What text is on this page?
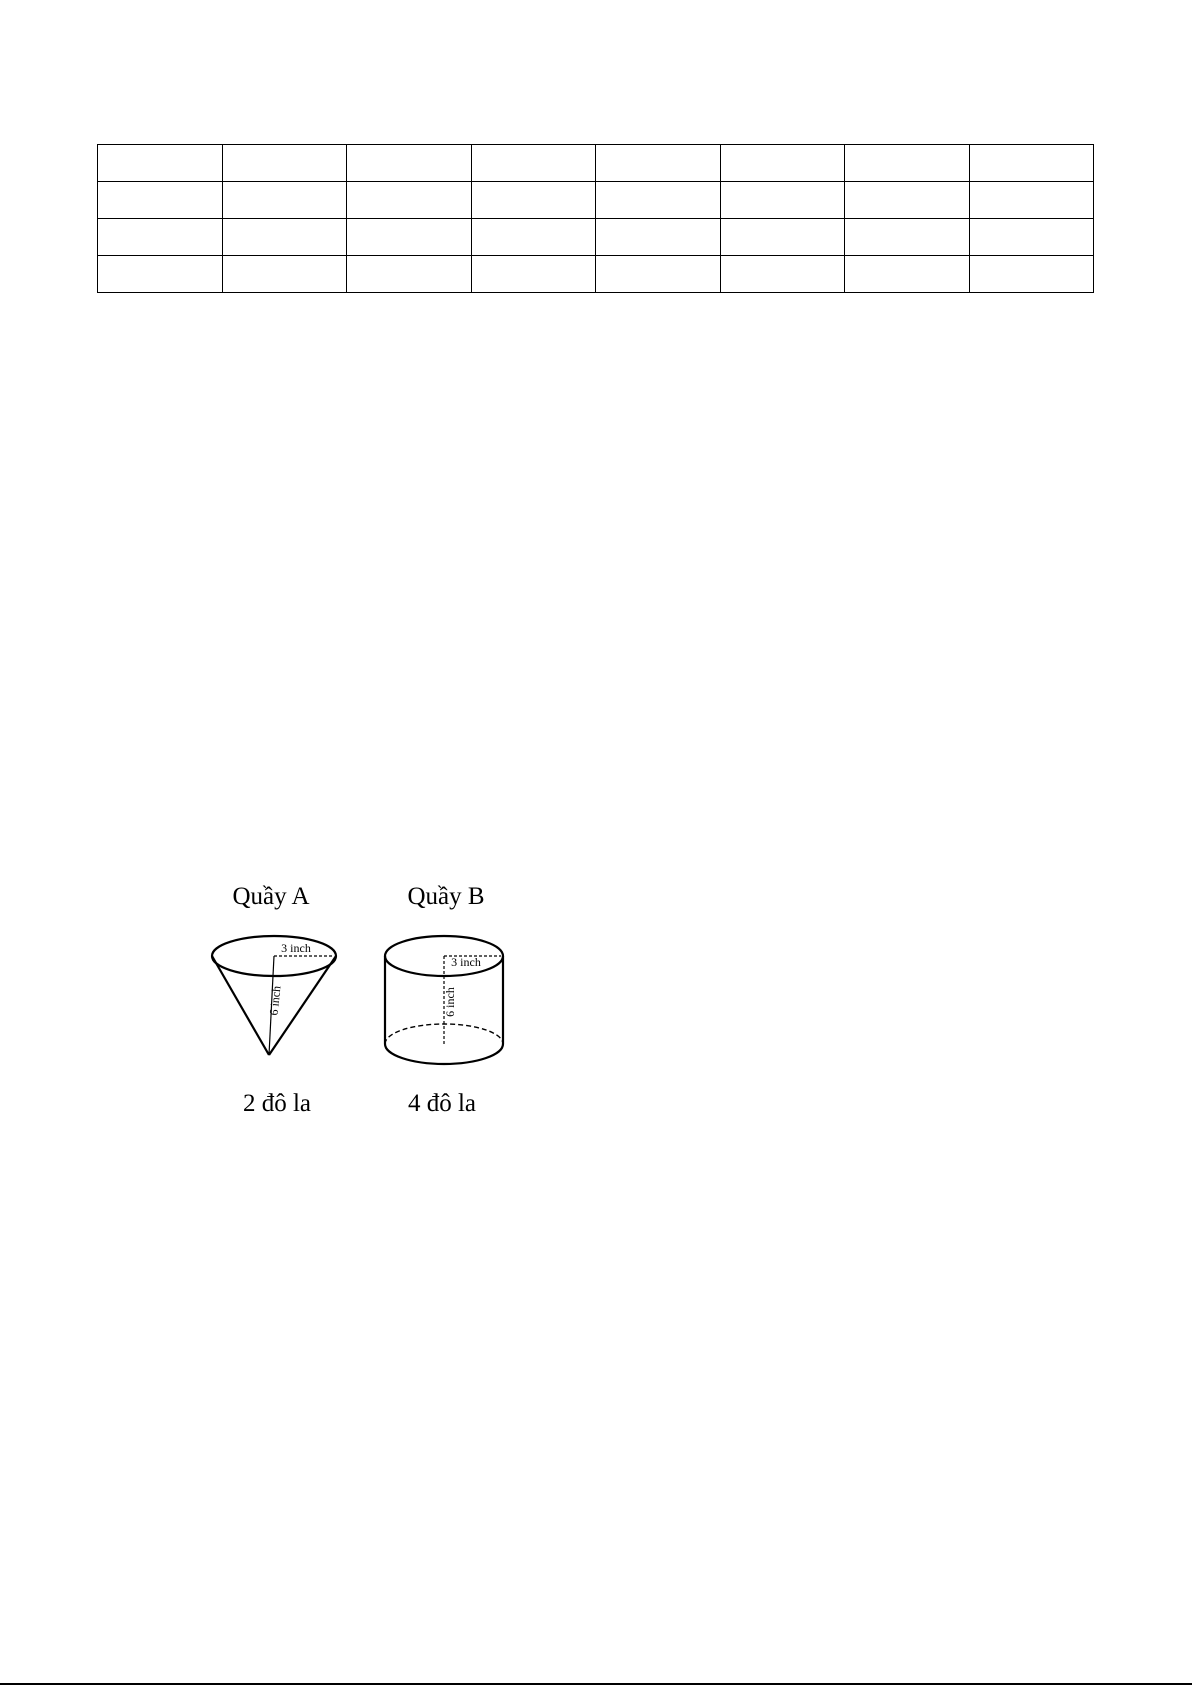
Quầy A	Quầy B
3 inch
6 inch
3 inch
6 inch
2 đô la	4 đô la
